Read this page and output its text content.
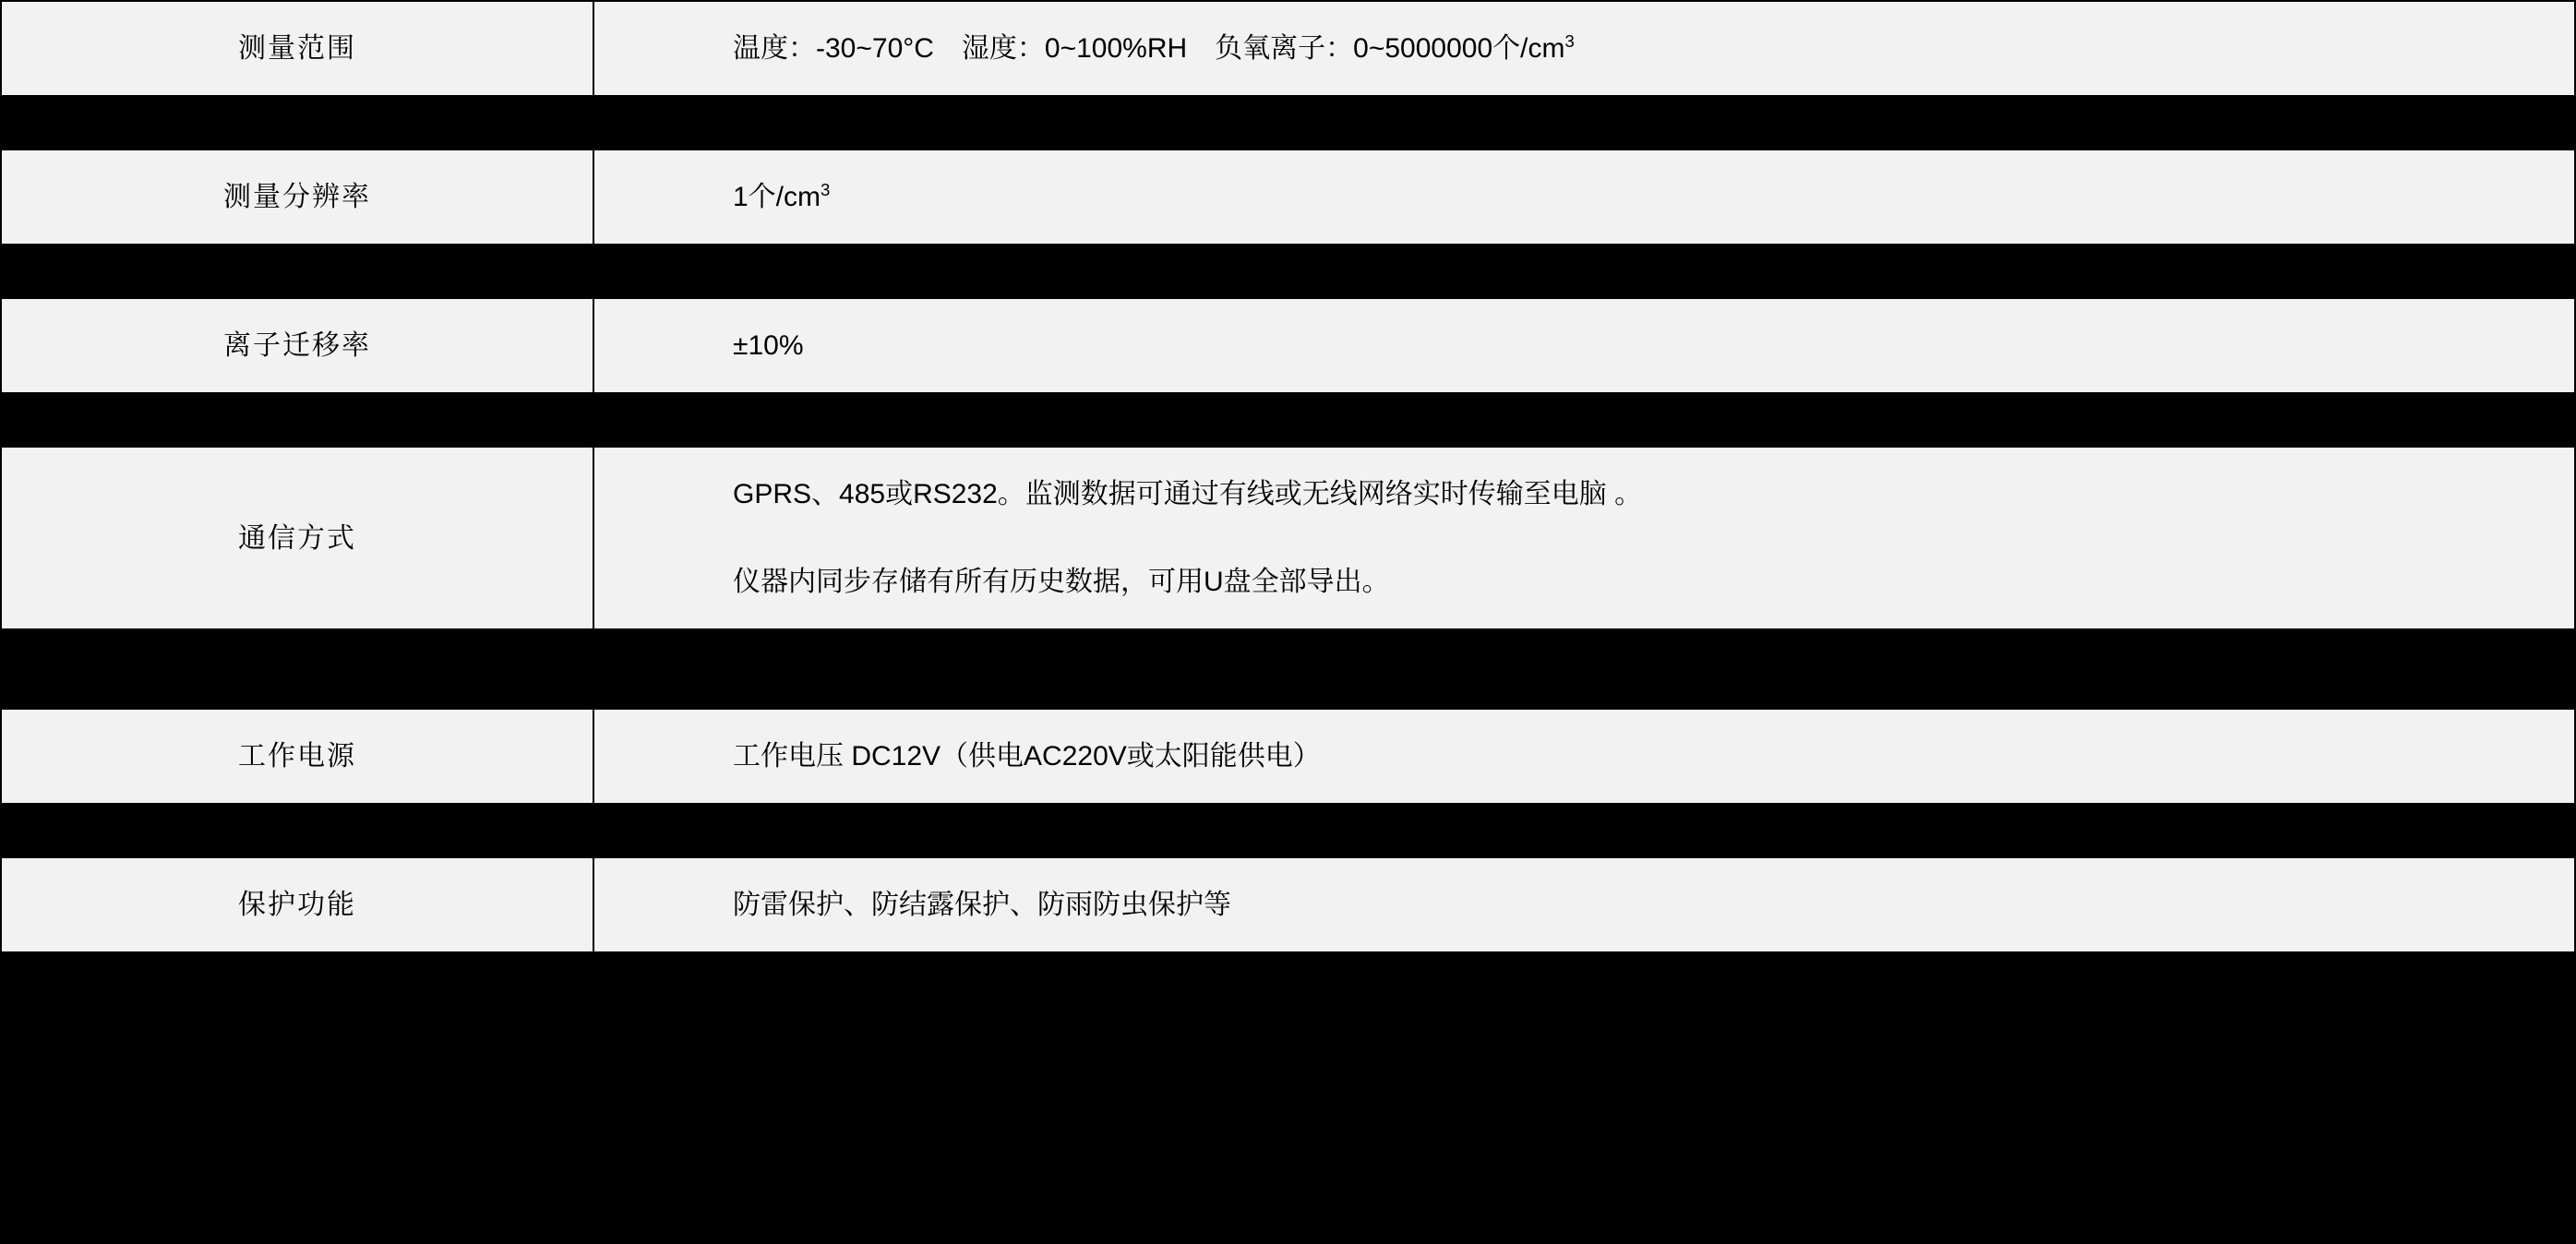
测量范围	温度：-30~70°C　湿度：0~100%RH　负氧离子：0~5000000个$/cm^3$

测量分辨率	1个$/cm^3$

离子迁移率	±10%

通信方式	GPRS、485或RS232。监测数据可通过有线或无线网络实时传输至电脑 。
仪器内同步存储有所有历史数据，可用U盘全部导出。

工作电源	工作电压 DC12V（供电AC220V或太阳能供电）

保护功能	防雷保护、防结露保护、防雨防虫保护等
